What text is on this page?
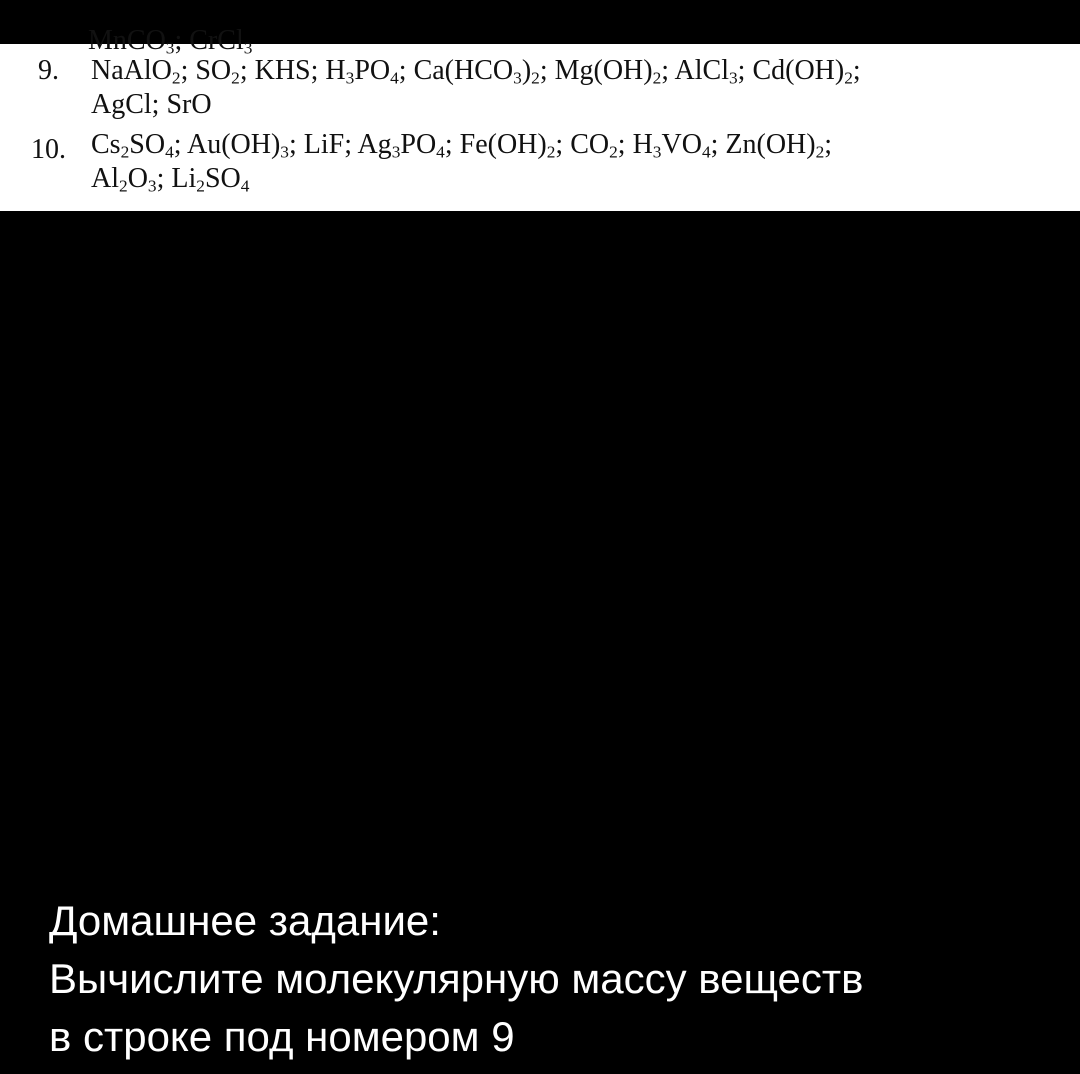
MnCO$_3$; CrCl$_3$
9. NaAlO$_2$; $SO_2$; KHS; $H_3PO_4$; $Ca(HCO_3)_2$; $Mg(OH)_2$; AlCl$_3$; $Cd(OH)_2$;
AgCl; SrO
10. $Cs_2SO_4$; $Au(OH)_3$; LiF; $Ag_3PO_4$; $Fe(OH)_2$; $CO_2$; $H_3VO_4$; $Zn(OH)_2$;
$Al_2O_3$; $Li_2SO_4$
Домашнее задание:
Вычислите молекулярную массу веществ
в строке под номером 9
